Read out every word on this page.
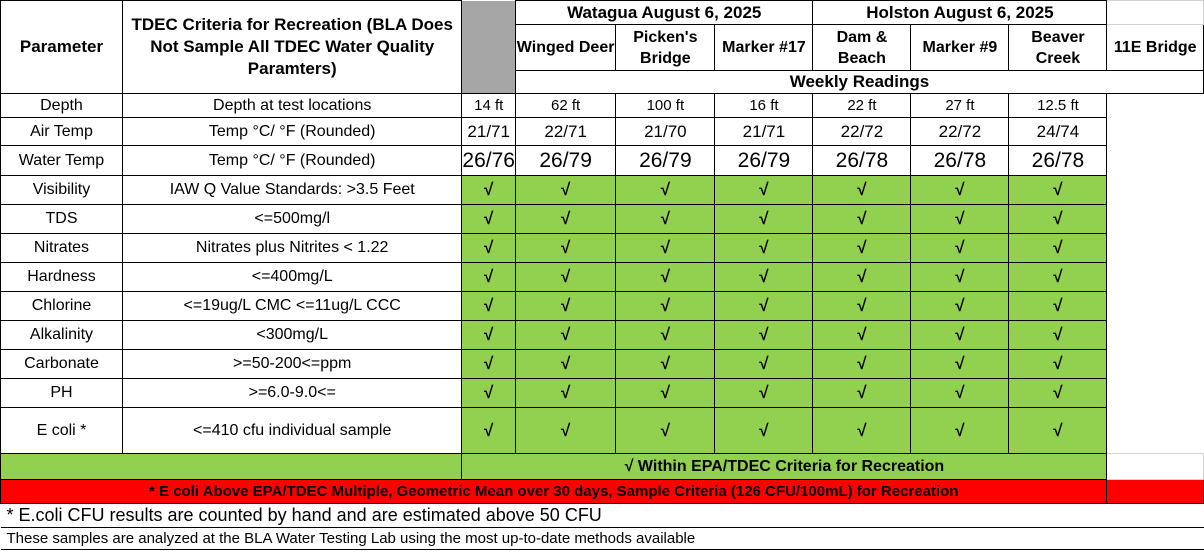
Parameter	TDEC Criteria for Recreation (BLA Does Not Sample All TDEC Water Quality Paramters)		Watagua August 6, 2025			Holston August 6, 2025			
			Winged Deer	Picken's Bridge	Marker #17	Dam & Beach	Marker #9	Beaver Creek	11E Bridge
			Weekly Readings						
Depth	Depth at test locations	14 ft	62 ft	100 ft	16 ft	22 ft	27 ft	12.5 ft	
Air Temp	Temp °C/ °F (Rounded)	21/71	22/71	21/70	21/71	22/72	22/72	24/74	
Water Temp	Temp °C/ °F (Rounded)	26/76	26/79	26/79	26/79	26/78	26/78	26/78	
Visibility	IAW Q Value Standards: >3.5 Feet	√	√	√	√	√	√	√	
TDS	<=500mg/l	√	√	√	√	√	√	√	
Nitrates	Nitrates plus Nitrites < 1.22	√	√	√	√	√	√	√	
Hardness	<=400mg/L	√	√	√	√	√	√	√	
Chlorine	<=19ug/L CMC <=11ug/L CCC	√	√	√	√	√	√	√	
Alkalinity	<300mg/L	√	√	√	√	√	√	√	
Carbonate	>=50-200<=ppm	√	√	√	√	√	√	√	
PH	>=6.0-9.0<=	√	√	√	√	√	√	√	
E coli *	<=410 cfu individual sample	√	√	√	√	√	√	√	
		√ Within EPA/TDEC Criteria for Recreation							
* E coli Above EPA/TDEC Multiple, Geometric Mean over 30 days, Sample Criteria (126 CFU/100mL) for Recreation									
* E.coli CFU results are counted by hand and are estimated above 50 CFU									
These samples are analyzed at the BLA Water Testing Lab using the most up-to-date methods available									
